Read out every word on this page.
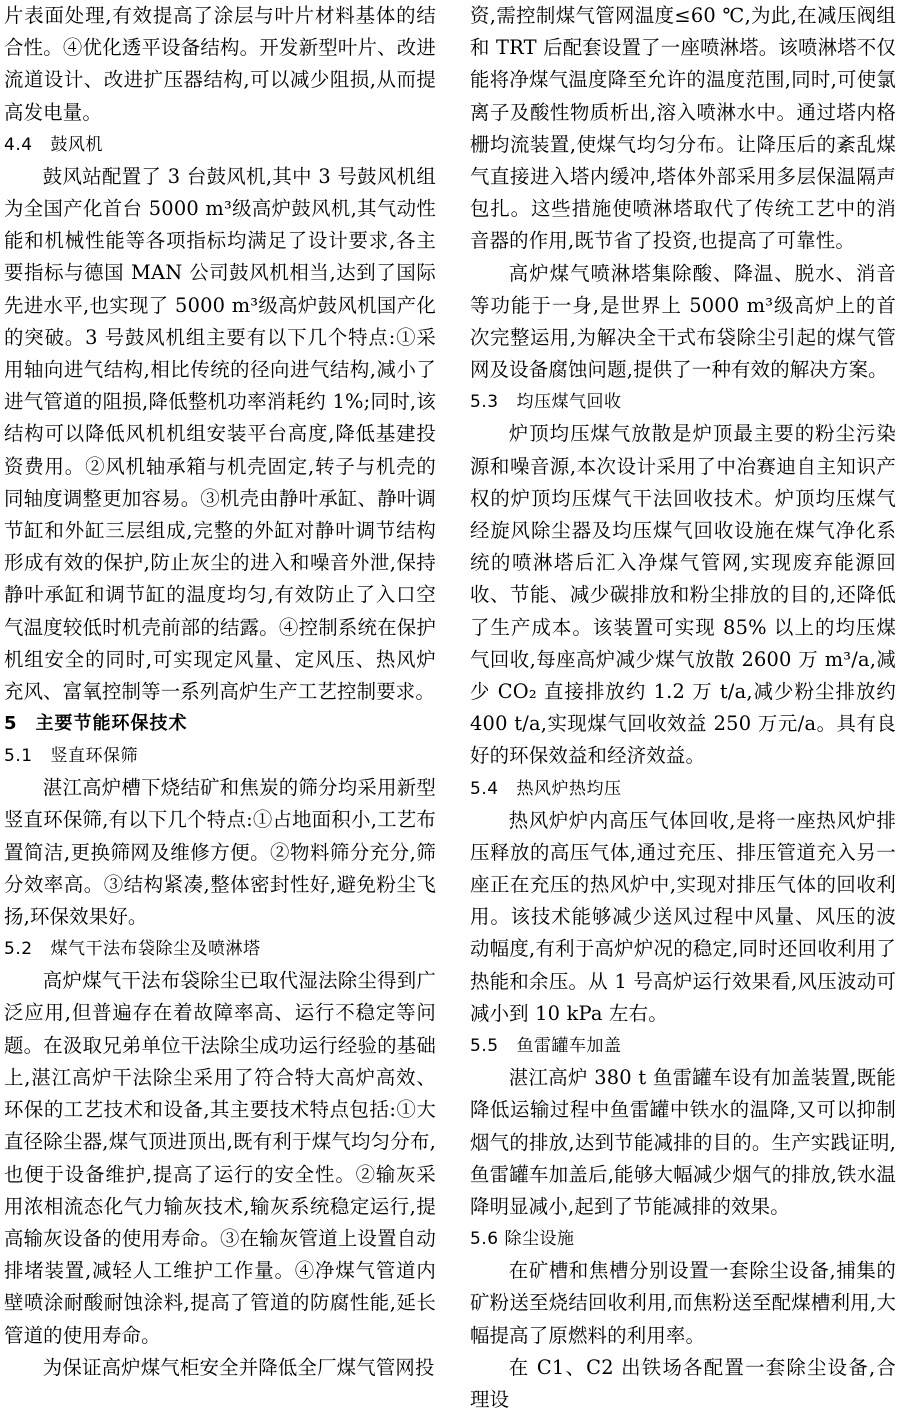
片表面处理,有效提高了涂层与叶片材料基体的结合性。④优化透平设备结构。开发新型叶片、改进流道设计、改进扩压器结构,可以减少阻损,从而提高发电量。

4.4 鼓风机

鼓风站配置了 3 台鼓风机,其中 3 号鼓风机组为全国产化首台 5000 m³级高炉鼓风机,其气动性能和机械性能等各项指标均满足了设计要求,各主要指标与德国 MAN 公司鼓风机相当,达到了国际先进水平,也实现了 5000 m³级高炉鼓风机国产化的突破。3 号鼓风机组主要有以下几个特点:①采用轴向进气结构,相比传统的径向进气结构,减小了进气管道的阻损,降低整机功率消耗约 1%;同时,该结构可以降低风机机组安装平台高度,降低基建投资费用。②风机轴承箱与机壳固定,转子与机壳的同轴度调整更加容易。③机壳由静叶承缸、静叶调节缸和外缸三层组成,完整的外缸对静叶调节结构形成有效的保护,防止灰尘的进入和噪音外泄,保持静叶承缸和调节缸的温度均匀,有效防止了入口空气温度较低时机壳前部的结露。④控制系统在保护机组安全的同时,可实现定风量、定风压、热风炉充风、富氧控制等一系列高炉生产工艺控制要求。

5 主要节能环保技术
5.1 竖直环保筛

湛江高炉槽下烧结矿和焦炭的筛分均采用新型竖直环保筛,有以下几个特点:①占地面积小,工艺布置简洁,更换筛网及维修方便。②物料筛分充分,筛分效率高。③结构紧凑,整体密封性好,避免粉尘飞扬,环保效果好。

5.2 煤气干法布袋除尘及喷淋塔

高炉煤气干法布袋除尘已取代湿法除尘得到广泛应用,但普遍存在着故障率高、运行不稳定等问题。在汲取兄弟单位干法除尘成功运行经验的基础上,湛江高炉干法除尘采用了符合特大高炉高效、环保的工艺技术和设备,其主要技术特点包括:①大直径除尘器,煤气顶进顶出,既有利于煤气均匀分布,也便于设备维护,提高了运行的安全性。②输灰采用浓相流态化气力输灰技术,输灰系统稳定运行,提高输灰设备的使用寿命。③在输灰管道上设置自动排堵装置,减轻人工维护工作量。④净煤气管道内壁喷涂耐酸耐蚀涂料,提高了管道的防腐性能,延长管道的使用寿命。

为保证高炉煤气柜安全并降低全厂煤气管网投

资,需控制煤气管网温度≤60 ℃,为此,在减压阀组和 TRT 后配套设置了一座喷淋塔。该喷淋塔不仅能将净煤气温度降至允许的温度范围,同时,可使氯离子及酸性物质析出,溶入喷淋水中。通过塔内格栅均流装置,使煤气均匀分布。让降压后的紊乱煤气直接进入塔内缓冲,塔体外部采用多层保温隔声包扎。这些措施使喷淋塔取代了传统工艺中的消音器的作用,既节省了投资,也提高了可靠性。

高炉煤气喷淋塔集除酸、降温、脱水、消音等功能于一身,是世界上 5000 m³级高炉上的首次完整运用,为解决全干式布袋除尘引起的煤气管网及设备腐蚀问题,提供了一种有效的解决方案。

5.3 均压煤气回收

炉顶均压煤气放散是炉顶最主要的粉尘污染源和噪音源,本次设计采用了中冶赛迪自主知识产权的炉顶均压煤气干法回收技术。炉顶均压煤气经旋风除尘器及均压煤气回收设施在煤气净化系统的喷淋塔后汇入净煤气管网,实现废弃能源回收、节能、减少碳排放和粉尘排放的目的,还降低了生产成本。该装置可实现 85% 以上的均压煤气回收,每座高炉减少煤气放散 2600 万 m³/a,减少 CO₂ 直接排放约 1.2 万 t/a,减少粉尘排放约 400 t/a,实现煤气回收效益 250 万元/a。具有良好的环保效益和经济效益。

5.4 热风炉热均压

热风炉炉内高压气体回收,是将一座热风炉排压释放的高压气体,通过充压、排压管道充入另一座正在充压的热风炉中,实现对排压气体的回收利用。该技术能够减少送风过程中风量、风压的波动幅度,有利于高炉炉况的稳定,同时还回收利用了热能和余压。从 1 号高炉运行效果看,风压波动可减小到 10 kPa 左右。

5.5 鱼雷罐车加盖

湛江高炉 380 t 鱼雷罐车设有加盖装置,既能降低运输过程中鱼雷罐中铁水的温降,又可以抑制烟气的排放,达到节能减排的目的。生产实践证明,鱼雷罐车加盖后,能够大幅减少烟气的排放,铁水温降明显减小,起到了节能减排的效果。

5.6 除尘设施

在矿槽和焦槽分别设置一套除尘设备,捕集的矿粉送至烧结回收利用,而焦粉送至配煤槽利用,大幅提高了原燃料的利用率。

在 C1、C2 出铁场各配置一套除尘设备,合理设
